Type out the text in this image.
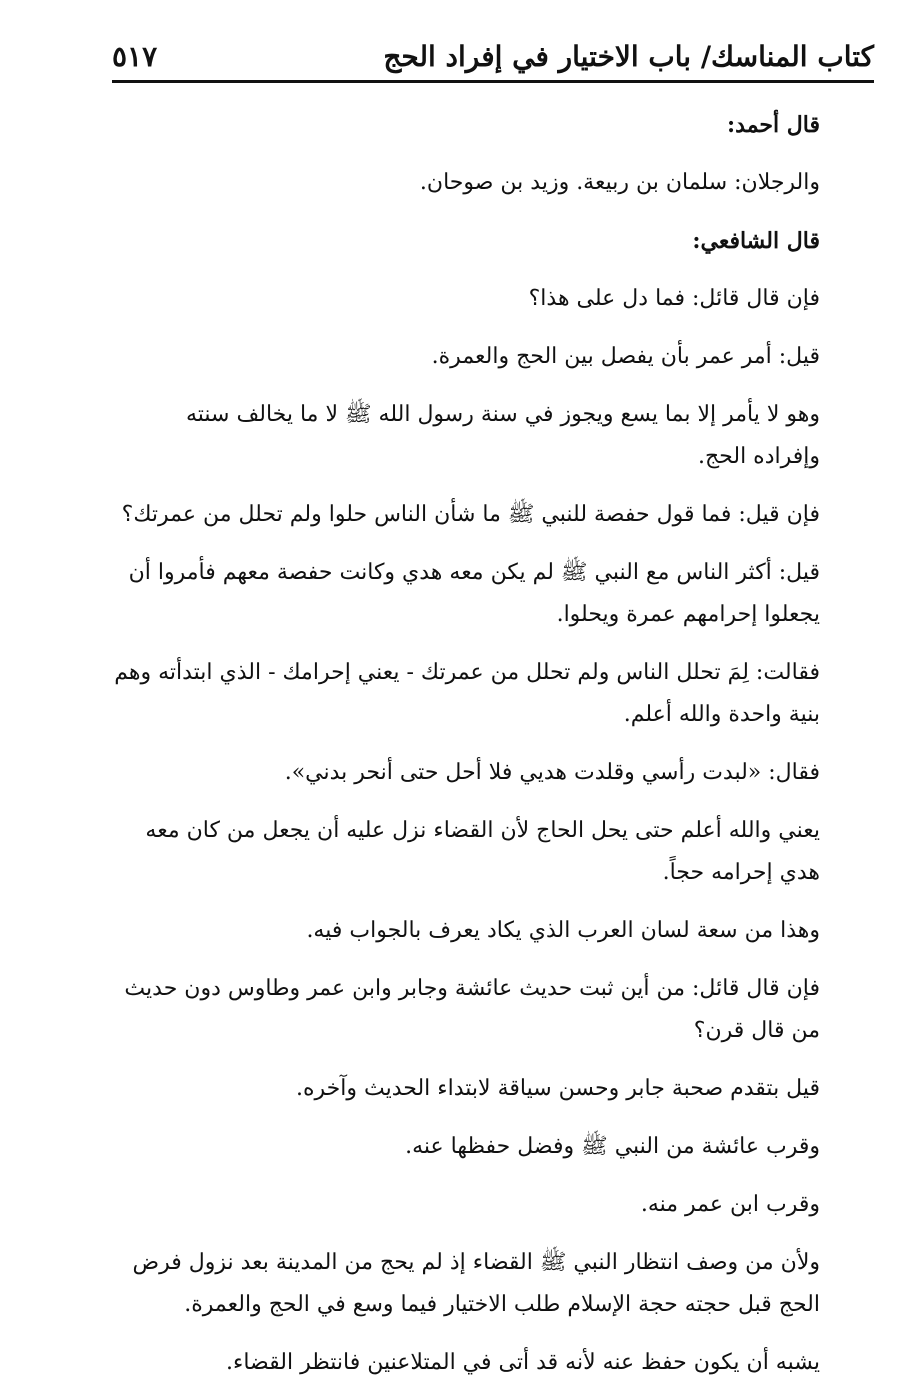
كتاب المناسك/ باب الاختيار في إفراد الحج
٥١٧

قال أحمد:

والرجلان: سلمان بن ربيعة. وزيد بن صوحان.

قال الشافعي:

فإن قال قائل: فما دل على هذا؟

قيل: أمر عمر بأن يفصل بين الحج والعمرة.

وهو لا يأمر إلا بما يسع ويجوز في سنة رسول الله ﷺ لا ما يخالف سنته وإفراده الحج.

فإن قيل: فما قول حفصة للنبي ﷺ ما شأن الناس حلوا ولم تحلل من عمرتك؟

قيل: أكثر الناس مع النبي ﷺ لم يكن معه هدي وكانت حفصة معهم فأمروا أن يجعلوا إحرامهم عمرة ويحلوا.

فقالت: لِمَ تحلل الناس ولم تحلل من عمرتك - يعني إحرامك - الذي ابتدأته وهم بنية واحدة والله أعلم.

فقال: «لبدت رأسي وقلدت هديي فلا أحل حتى أنحر بدني».

يعني والله أعلم حتى يحل الحاج لأن القضاء نزل عليه أن يجعل من كان معه هدي إحرامه حجاً.

وهذا من سعة لسان العرب الذي يكاد يعرف بالجواب فيه.

فإن قال قائل: من أين ثبت حديث عائشة وجابر وابن عمر وطاوس دون حديث من قال قرن؟

قيل بتقدم صحبة جابر وحسن سياقة لابتداء الحديث وآخره.

وقرب عائشة من النبي ﷺ وفضل حفظها عنه.

وقرب ابن عمر منه.

ولأن من وصف انتظار النبي ﷺ القضاء إذ لم يحج من المدينة بعد نزول فرض الحج قبل حجته حجة الإسلام طلب الاختيار فيما وسع في الحج والعمرة.

يشبه أن يكون حفظ عنه لأنه قد أتى في المتلاعنين فانتظر القضاء.
